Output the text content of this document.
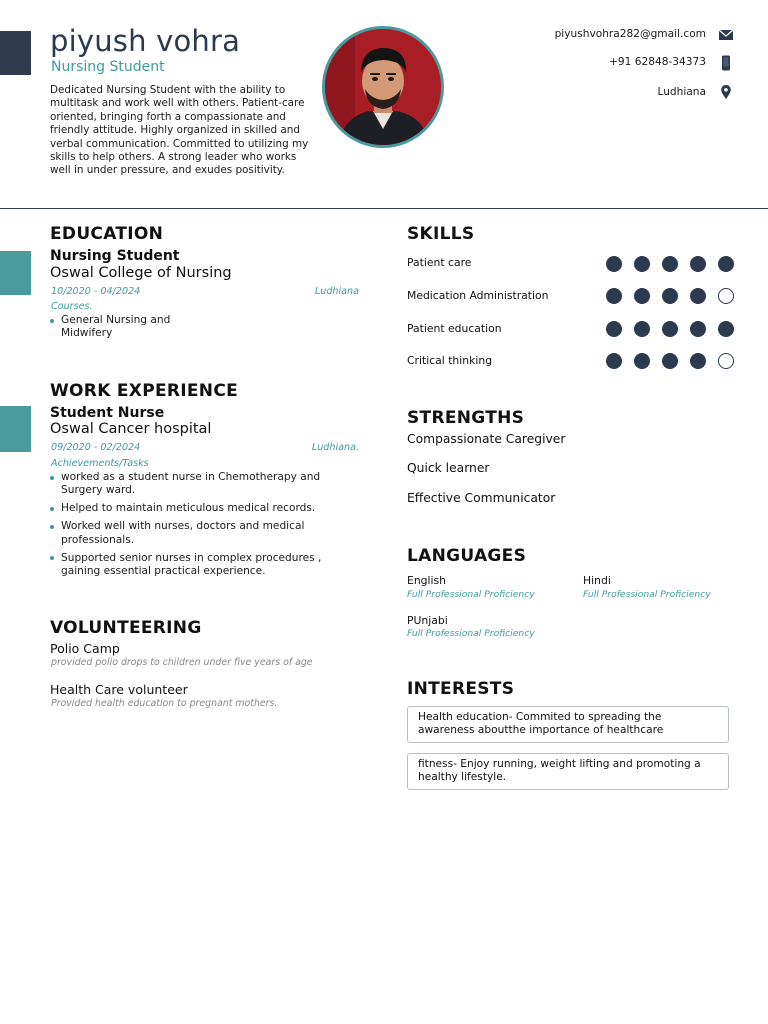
piyush vohra
Nursing Student
Dedicated Nursing Student with the ability to multitask and work well with others. Patient-care oriented, bringing forth a compassionate and friendly attitude. Highly organized in skilled and verbal communication. Committed to utilizing my skills to help others. A strong leader who works well in under pressure, and exudes positivity.
piyushvohra282@gmail.com
+91 62848-34373
Ludhiana
EDUCATION
Nursing Student
Oswal College of Nursing
10/2020 - 04/2024	Ludhiana
Courses.
General Nursing and Midwifery
WORK EXPERIENCE
Student Nurse
Oswal Cancer hospital
09/2020 - 02/2024	Ludhiana.
Achievements/Tasks
worked as a student nurse in Chemotherapy and Surgery ward.
Helped to maintain meticulous medical records.
Worked well with nurses, doctors and medical professionals.
Supported senior nurses in complex procedures , gaining essential practical experience.
VOLUNTEERING
Polio Camp
provided polio drops to children under five years of age
Health Care volunteer
Provided health education to pregnant mothers.
SKILLS
Patient care
Medication Administration
Patient education
Critical thinking
STRENGTHS
Compassionate Caregiver
Quick learner
Effective Communicator
LANGUAGES
English
Full Professional Proficiency
Hindi
Full Professional Proficiency
PUnjabi
Full Professional Proficiency
INTERESTS
Health education- Commited to spreading the awareness aboutthe importance of healthcare
fitness- Enjoy running, weight lifting and promoting a healthy lifestyle.
